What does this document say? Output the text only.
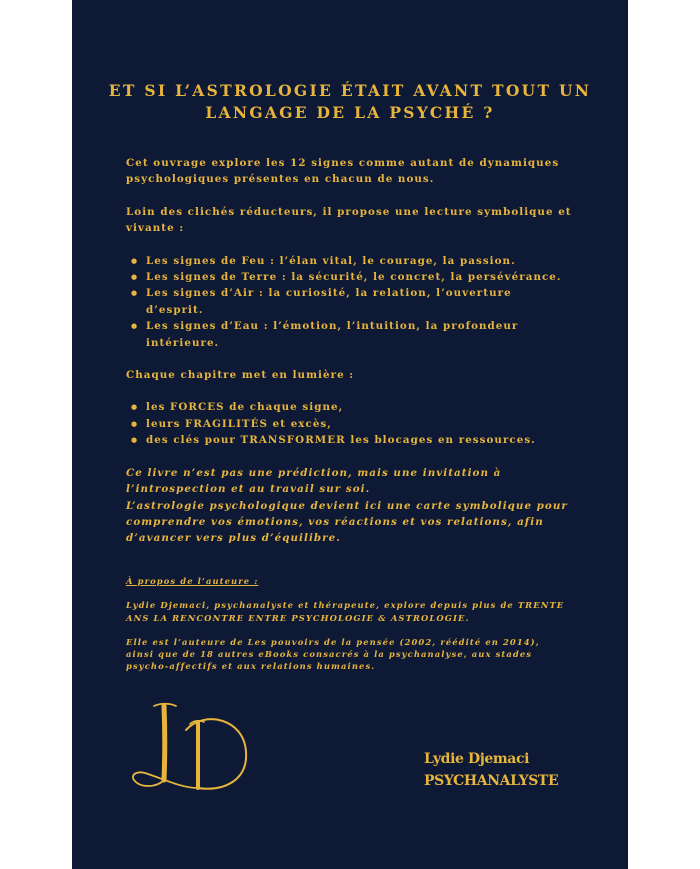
ET SI L’ASTROLOGIE ÉTAIT AVANT TOUT UN
LANGAGE DE LA PSYCHÉ ?

Cet ouvrage explore les 12 signes comme autant de dynamiques
psychologiques présentes en chacun de nous.

Loin des clichés réducteurs, il propose une lecture symbolique et
vivante :

● Les signes de Feu : l’élan vital, le courage, la passion.
● Les signes de Terre : la sécurité, le concret, la persévérance.
● Les signes d’Air : la curiosité, la relation, l’ouverture
d’esprit.
● Les signes d’Eau : l’émotion, l’intuition, la profondeur
intérieure.

Chaque chapitre met en lumière :

● les FORCES de chaque signe,
● leurs FRAGILITÉS et excès,
● des clés pour TRANSFORMER les blocages en ressources.

Ce livre n’est pas une prédiction, mais une invitation à
l’introspection et au travail sur soi.
L’astrologie psychologique devient ici une carte symbolique pour
comprendre vos émotions, vos réactions et vos relations, afin
d’avancer vers plus d’équilibre.

À propos de l’auteure :

Lydie Djemaci, psychanalyste et thérapeute, explore depuis plus de TRENTE
ANS LA RENCONTRE ENTRE PSYCHOLOGIE & ASTROLOGIE.

Elle est l’auteure de Les pouvoirs de la pensée (2002, réédité en 2014),
ainsi que de 18 autres eBooks consacrés à la psychanalyse, aux stades
psycho-affectifs et aux relations humaines.

Lydie Djemaci
PSYCHANALYSTE
